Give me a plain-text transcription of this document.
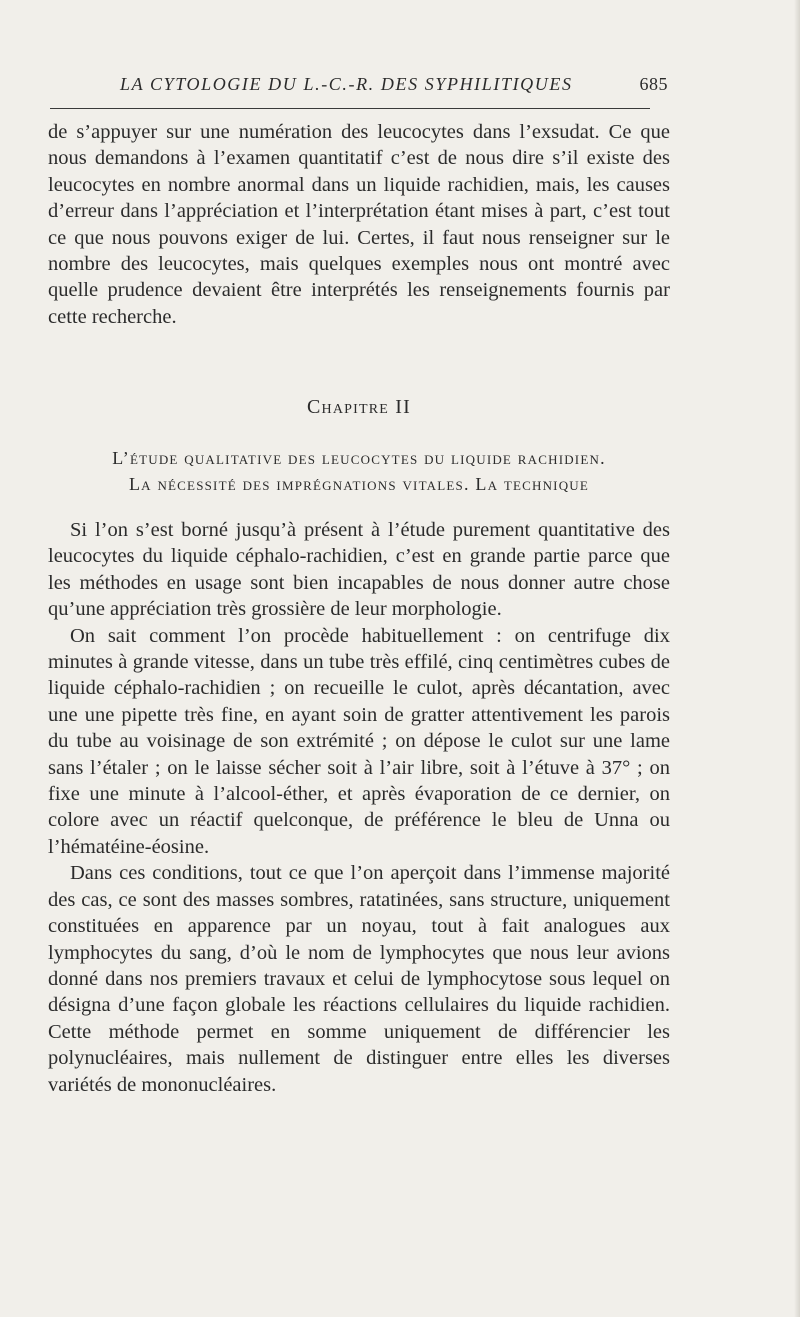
LA CYTOLOGIE DU L.-C.-R. DES SYPHILITIQUES	685

de s’appuyer sur une numération des leucocytes dans l’exsudat. Ce que nous demandons à l’examen quantitatif c’est de nous dire s’il existe des leucocytes en nombre anormal dans un liquide rachidien, mais, les causes d’erreur dans l’appréciation et l’interprétation étant mises à part, c’est tout ce que nous pouvons exiger de lui. Certes, il faut nous renseigner sur le nombre des leucocytes, mais quelques exemples nous ont montré avec quelle prudence devaient être interprétés les renseignements fournis par cette recherche.

Chapitre II
L’étude qualitative des leucocytes du liquide rachidien.
La nécessité des imprégnations vitales. La technique

Si l’on s’est borné jusqu’à présent à l’étude purement quantitative des leucocytes du liquide céphalo-rachidien, c’est en grande partie parce que les méthodes en usage sont bien incapables de nous donner autre chose qu’une appréciation très grossière de leur morphologie.

On sait comment l’on procède habituellement : on centrifuge dix minutes à grande vitesse, dans un tube très effilé, cinq centimètres cubes de liquide céphalo-rachidien ; on recueille le culot, après décantation, avec une une pipette très fine, en ayant soin de gratter attentivement les parois du tube au voisinage de son extrémité ; on dépose le culot sur une lame sans l’étaler ; on le laisse sécher soit à l’air libre, soit à l’étuve à 37° ; on fixe une minute à l’alcool-éther, et après évaporation de ce dernier, on colore avec un réactif quelconque, de préférence le bleu de Unna ou l’hématéine-éosine.

Dans ces conditions, tout ce que l’on aperçoit dans l’immense majorité des cas, ce sont des masses sombres, ratatinées, sans structure, uniquement constituées en apparence par un noyau, tout à fait analogues aux lymphocytes du sang, d’où le nom de lymphocytes que nous leur avions donné dans nos premiers travaux et celui de lymphocytose sous lequel on désigna d’une façon globale les réactions cellulaires du liquide rachidien. Cette méthode permet en somme uniquement de différencier les polynucléaires, mais nullement de distinguer entre elles les diverses variétés de mononucléaires.
